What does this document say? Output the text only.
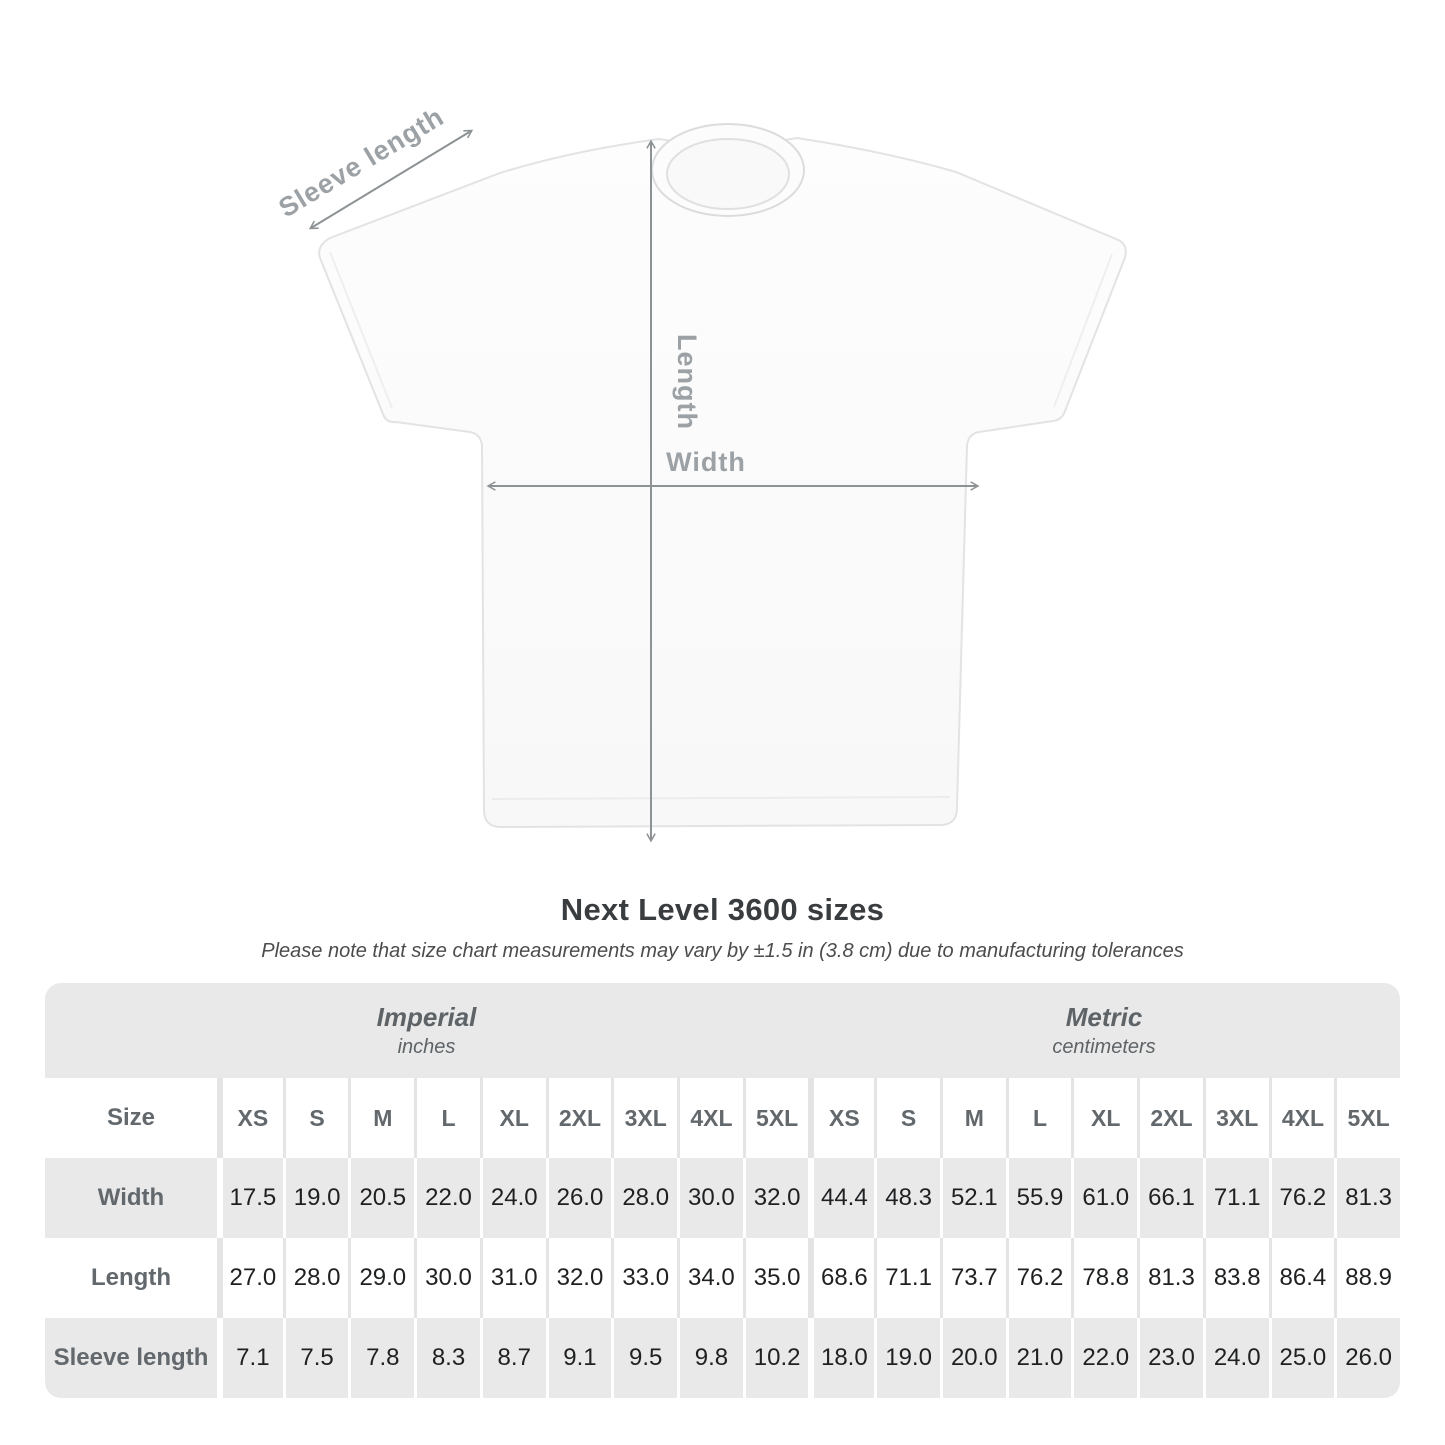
Sleeve length
Length
Width
Next Level 3600 sizes
Please note that size chart measurements may vary by ±1.5 in (3.8 cm) due to manufacturing tolerances
Imperial
inches
Metric
centimeters
Size	XS	S	M	L	XL	2XL	3XL	4XL	5XL	XS	S	M	L	XL	2XL	3XL	4XL	5XL
Width	17.5 19.0 20.5 22.0 24.0 26.0 28.0 30.0 32.0 44.4 48.3 52.1 55.9 61.0 66.1 71.1 76.2 81.3
Length	27.0 28.0 29.0 30.0 31.0 32.0 33.0 34.0 35.0 68.6 71.1 73.7 76.2 78.8 81.3 83.8 86.4 88.9
Sleeve length	7.1	7.5	7.8	8.3	8.7	9.1	9.5	9.8	10.2 18.0 19.0 20.0 21.0 22.0 23.0 24.0 25.0 26.0
